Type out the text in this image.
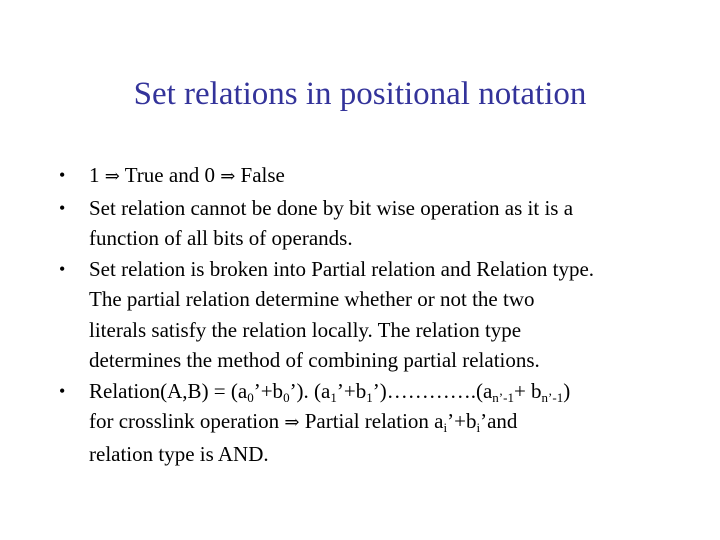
Set relations in positional notation
• 1 ⇒ True and 0 ⇒ False
• Set relation cannot be done by bit wise operation as it is a
function of all bits of operands.
• Set relation is broken into Partial relation and Relation type.
The partial relation determine whether or not the two
literals satisfy the relation locally. The relation type
determines the method of combining partial relations.
• Relation(A,B) = $(a_0’+b_0’)$. $(a_1’+b_1’)\dots\dots\dots\dots.(a_{n’-1}+ b_{n’-1})$
for crosslink operation ⇒ Partial relation $a_i’+b_i’and$
relation type is AND.
